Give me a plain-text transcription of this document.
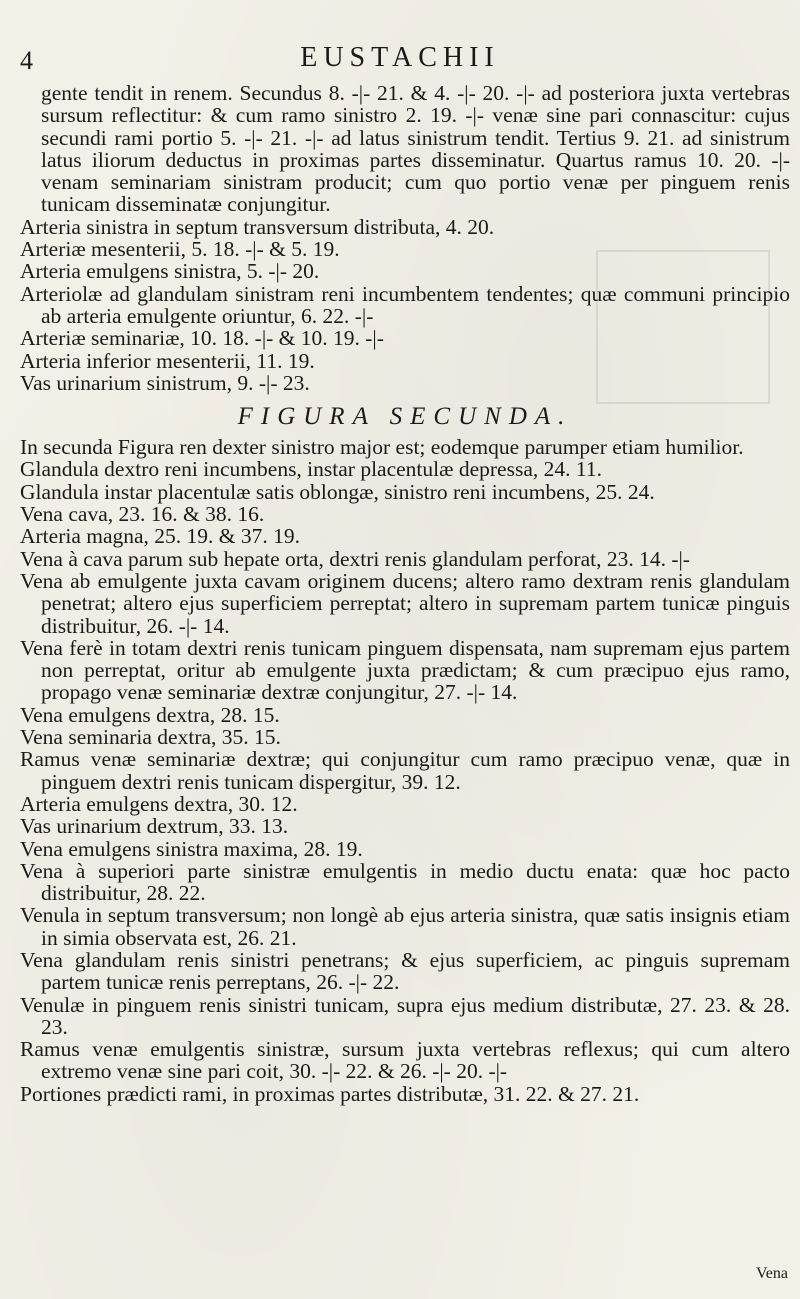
4	EUSTACHII
gente tendit in renem. Secundus 8. -|- 21. & 4. -|- 20. -|- ad posteriora juxta vertebras sursum reflectitur: & cum ramo sinistro 2. 19. -|- venæ sine pari connascitur: cujus secundi rami portio 5. -|- 21. -|- ad latus sinistrum tendit. Tertius 9. 21. ad sinistrum latus iliorum deductus in proximas partes disseminatur. Quartus ramus 10. 20. -|- venam seminariam sinistram producit; cum quo portio venæ per pinguem renis tunicam disseminatæ conjungitur.
Arteria sinistra in septum transversum distributa, 4. 20.
Arteriæ mesenterii, 5. 18. -|- & 5. 19.
Arteria emulgens sinistra, 5. -|- 20.
Arteriolæ ad glandulam sinistram reni incumbentem tendentes; quæ communi principio ab arteria emulgente oriuntur, 6. 22. -|-
Arteriæ seminariæ, 10. 18. -|- & 10. 19. -|-
Arteria inferior mesenterii, 11. 19.
Vas urinarium sinistrum, 9. -|- 23.
FIGURA SECUNDA.
In secunda Figura ren dexter sinistro major est; eodemque parumper etiam humilior.
Glandula dextro reni incumbens, instar placentulæ depressa, 24. 11.
Glandula instar placentulæ satis oblongæ, sinistro reni incumbens, 25. 24.
Vena cava, 23. 16. & 38. 16.
Arteria magna, 25. 19. & 37. 19.
Vena à cava parum sub hepate orta, dextri renis glandulam perforat, 23. 14. -|-
Vena ab emulgente juxta cavam originem ducens; altero ramo dextram renis glandulam penetrat; altero ejus superficiem perreptat; altero in supremam partem tunicæ pinguis distribuitur, 26. -|- 14.
Vena ferè in totam dextri renis tunicam pinguem dispensata, nam supremam ejus partem non perreptat, oritur ab emulgente juxta prædictam; & cum præcipuo ejus ramo, propago venæ seminariæ dextræ conjungitur, 27. -|- 14.
Vena emulgens dextra, 28. 15.
Vena seminaria dextra, 35. 15.
Ramus venæ seminariæ dextræ; qui conjungitur cum ramo præcipuo venæ, quæ in pinguem dextri renis tunicam dispergitur, 39. 12.
Arteria emulgens dextra, 30. 12.
Vas urinarium dextrum, 33. 13.
Vena emulgens sinistra maxima, 28. 19.
Vena à superiori parte sinistræ emulgentis in medio ductu enata: quæ hoc pacto distribuitur, 28. 22.
Venula in septum transversum; non longè ab ejus arteria sinistra, quæ satis insignis etiam in simia observata est, 26. 21.
Vena glandulam renis sinistri penetrans; & ejus superficiem, ac pinguis supremam partem tunicæ renis perreptans, 26. -|- 22.
Venulæ in pinguem renis sinistri tunicam, supra ejus medium distributæ, 27. 23. & 28. 23.
Ramus venæ emulgentis sinistræ, sursum juxta vertebras reflexus; qui cum altero extremo venæ sine pari coit, 30. -|- 22. & 26. -|- 20. -|-
Portiones prædicti rami, in proximas partes distributæ, 31. 22. & 27. 21.
Vena
